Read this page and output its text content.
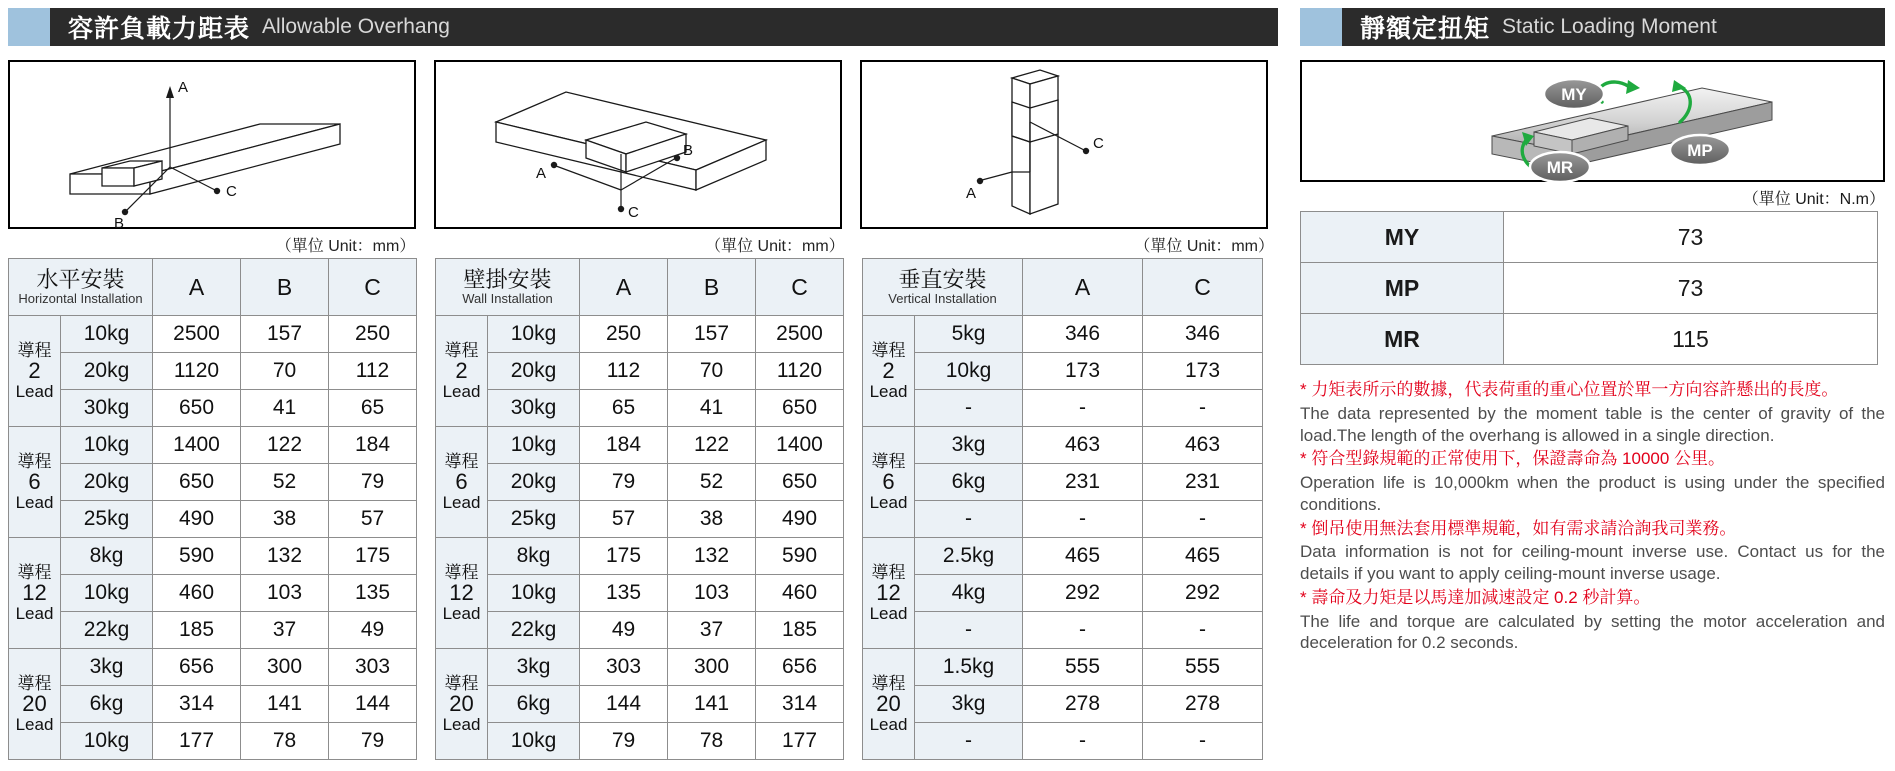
容許負載力距表 Allowable Overhang
A
B
C
A
B
C
A
C
（單位 Unit：mm）	（單位 Unit：mm）	（單位 Unit：mm）
水平安裝
Horizontal Installation		A	B	C
導程
2
Lead	10kg	2500	157	250
	20kg	1120	70	112
	30kg	650	41	65
導程
6
Lead	10kg	1400	122	184
	20kg	650	52	79
	25kg	490	38	57
導程
12
Lead	8kg	590	132	175
	10kg	460	103	135
	22kg	185	37	49
導程
20
Lead	3kg	656	300	303
	6kg	314	141	144
	10kg	177	78	79
壁掛安裝
Wall Installation		A	B	C
導程
2
Lead	10kg	250	157	2500
	20kg	112	70	1120
	30kg	65	41	650
導程
6
Lead	10kg	184	122	1400
	20kg	79	52	650
	25kg	57	38	490
導程
12
Lead	8kg	175	132	590
	10kg	135	103	460
	22kg	49	37	185
導程
20
Lead	3kg	303	300	656
	6kg	144	141	314
	10kg	79	78	177
垂直安裝
Vertical Installation		A	C
導程
2
Lead	5kg	346	346
	10kg	173	173
	-	-	-
導程
6
Lead	3kg	463	463
	6kg	231	231
	-	-	-
導程
12
Lead	2.5kg	465	465
	4kg	292	292
	-	-	-
導程
20
Lead	1.5kg	555	555
	3kg	278	278
	-	-	-
靜額定扭矩 Static Loading Moment
MY
MP
MR
（單位 Unit：N.m）
MY	73
MP	73
MR	115

* 力矩表所示的數據，代表荷重的重心位置於單一方向容許懸出的長度。

The data represented by the moment table is the center of gravity of the load.The length of the overhang is allowed in a single direction.

* 符合型錄規範的正常使用下，保證壽命為 10000 公里。

Operation life is 10,000km when the product is using under the specified conditions.

* 倒吊使用無法套用標準規範，如有需求請洽詢我司業務。

Data information is not for ceiling-mount inverse use. Contact us for the details if you want to apply ceiling-mount inverse usage.

* 壽命及力矩是以馬達加減速設定 0.2 秒計算。

The life and torque are calculated by setting the motor acceleration and deceleration for 0.2 seconds.
